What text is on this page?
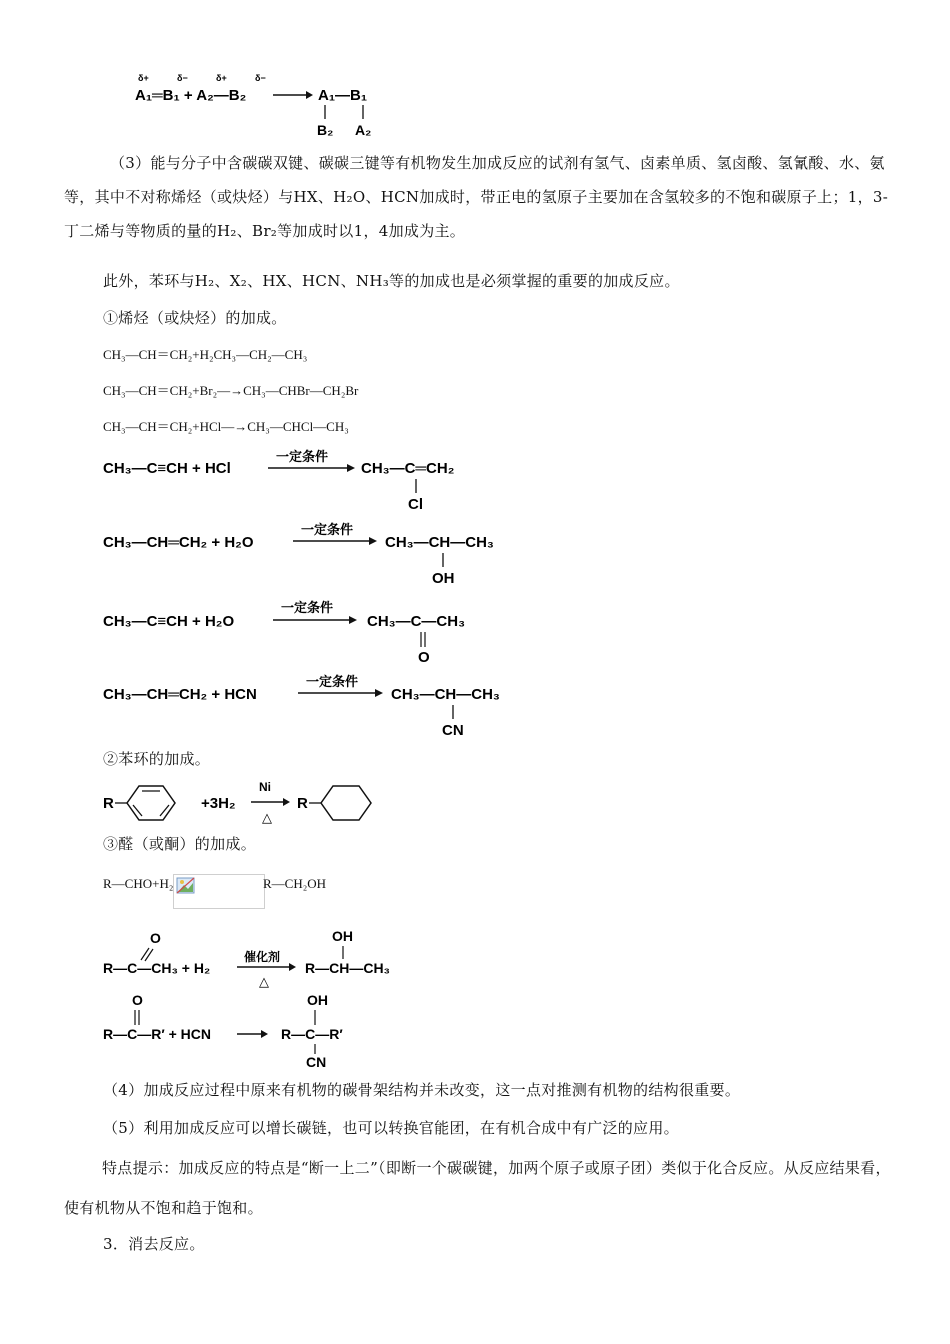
δ+	δ−	δ+	δ−
A₁═B₁ + A₂—B₂	A₁—B₁
B₂ A₂
（3）能与分子中含碳碳双键、碳碳三键等有机物发生加成反应的试剂有氢气、卤素单质、氢卤酸、氢氰酸、水、氨等，其中不对称烯烃（或炔烃）与HX、H₂O、HCN加成时，带正电的氢原子主要加在含氢较多的不饱和碳原子上；1，3-丁二烯与等物质的量的H₂、Br₂等加成时以1，4加成为主。
此外，苯环与H₂、X₂、HX、HCN、NH₃等的加成也是必须掌握的重要的加成反应。
①烯烃（或炔烃）的加成。
CH₃—CH＝CH₂+H₂CH₃—CH₂—CH₃
CH₃—CH＝CH₂+Br₂—→CH₃—CHBr—CH₂Br
CH₃—CH＝CH₂+HCl—→CH₃—CHCl—CH₃
CH₃—C≡CH + HCl
一定条件
CH₃—C═CH₂
Cl
CH₃—CH═CH₂ + H₂O
一定条件
CH₃—CH—CH₃
OH
CH₃—C≡CH + H₂O
一定条件
CH₃—C—CH₃
O
CH₃—CH═CH₂ + HCN
一定条件
CH₃—CH—CH₃
CN
②苯环的加成。
R	+3H₂
Ni
△
R
③醛（或酮）的加成。
R—CHO+H₂	R—CH₂OH
O
R—C—CH₃ + H₂
催化剂
△
OH
R—CH—CH₃
O
R—C—R′ + HCN
OH
R—C—R′
CN
（4）加成反应过程中原来有机物的碳骨架结构并未改变，这一点对推测有机物的结构很重要。
（5）利用加成反应可以增长碳链，也可以转换官能团，在有机合成中有广泛的应用。
特点提示：加成反应的特点是“断一上二”（即断一个碳碳键，加两个原子或原子团）类似于化合反应。从反应结果看，使有机物从不饱和趋于饱和。
3．消去反应。
